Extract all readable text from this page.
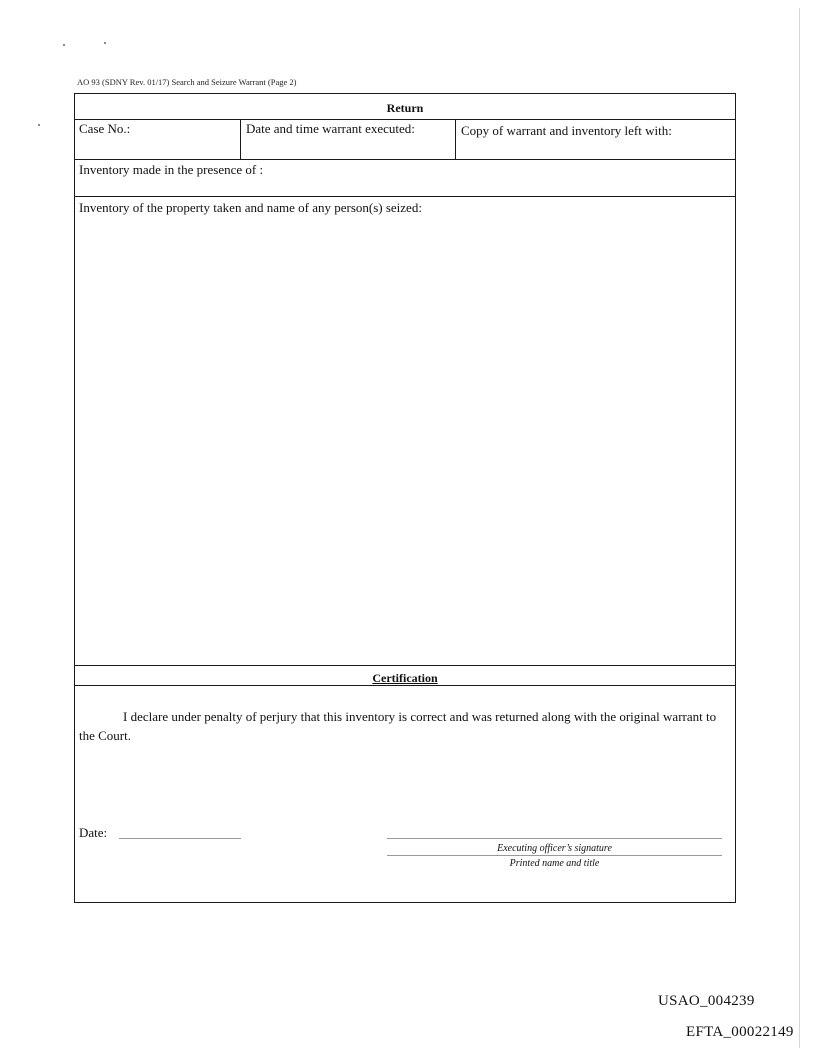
AO 93 (SDNY Rev. 01/17) Search and Seizure Warrant (Page 2)
Return
Case No.:	Date and time warrant executed:	Copy of warrant and inventory left with:
Inventory made in the presence of :
Inventory of the property taken and name of any person(s) seized:
Certification
I declare under penalty of perjury that this inventory is correct and was returned along with the original warrant to the Court.
Date:
Executing officer’s signature
Printed name and title
USAO_004239
EFTA_00022149
